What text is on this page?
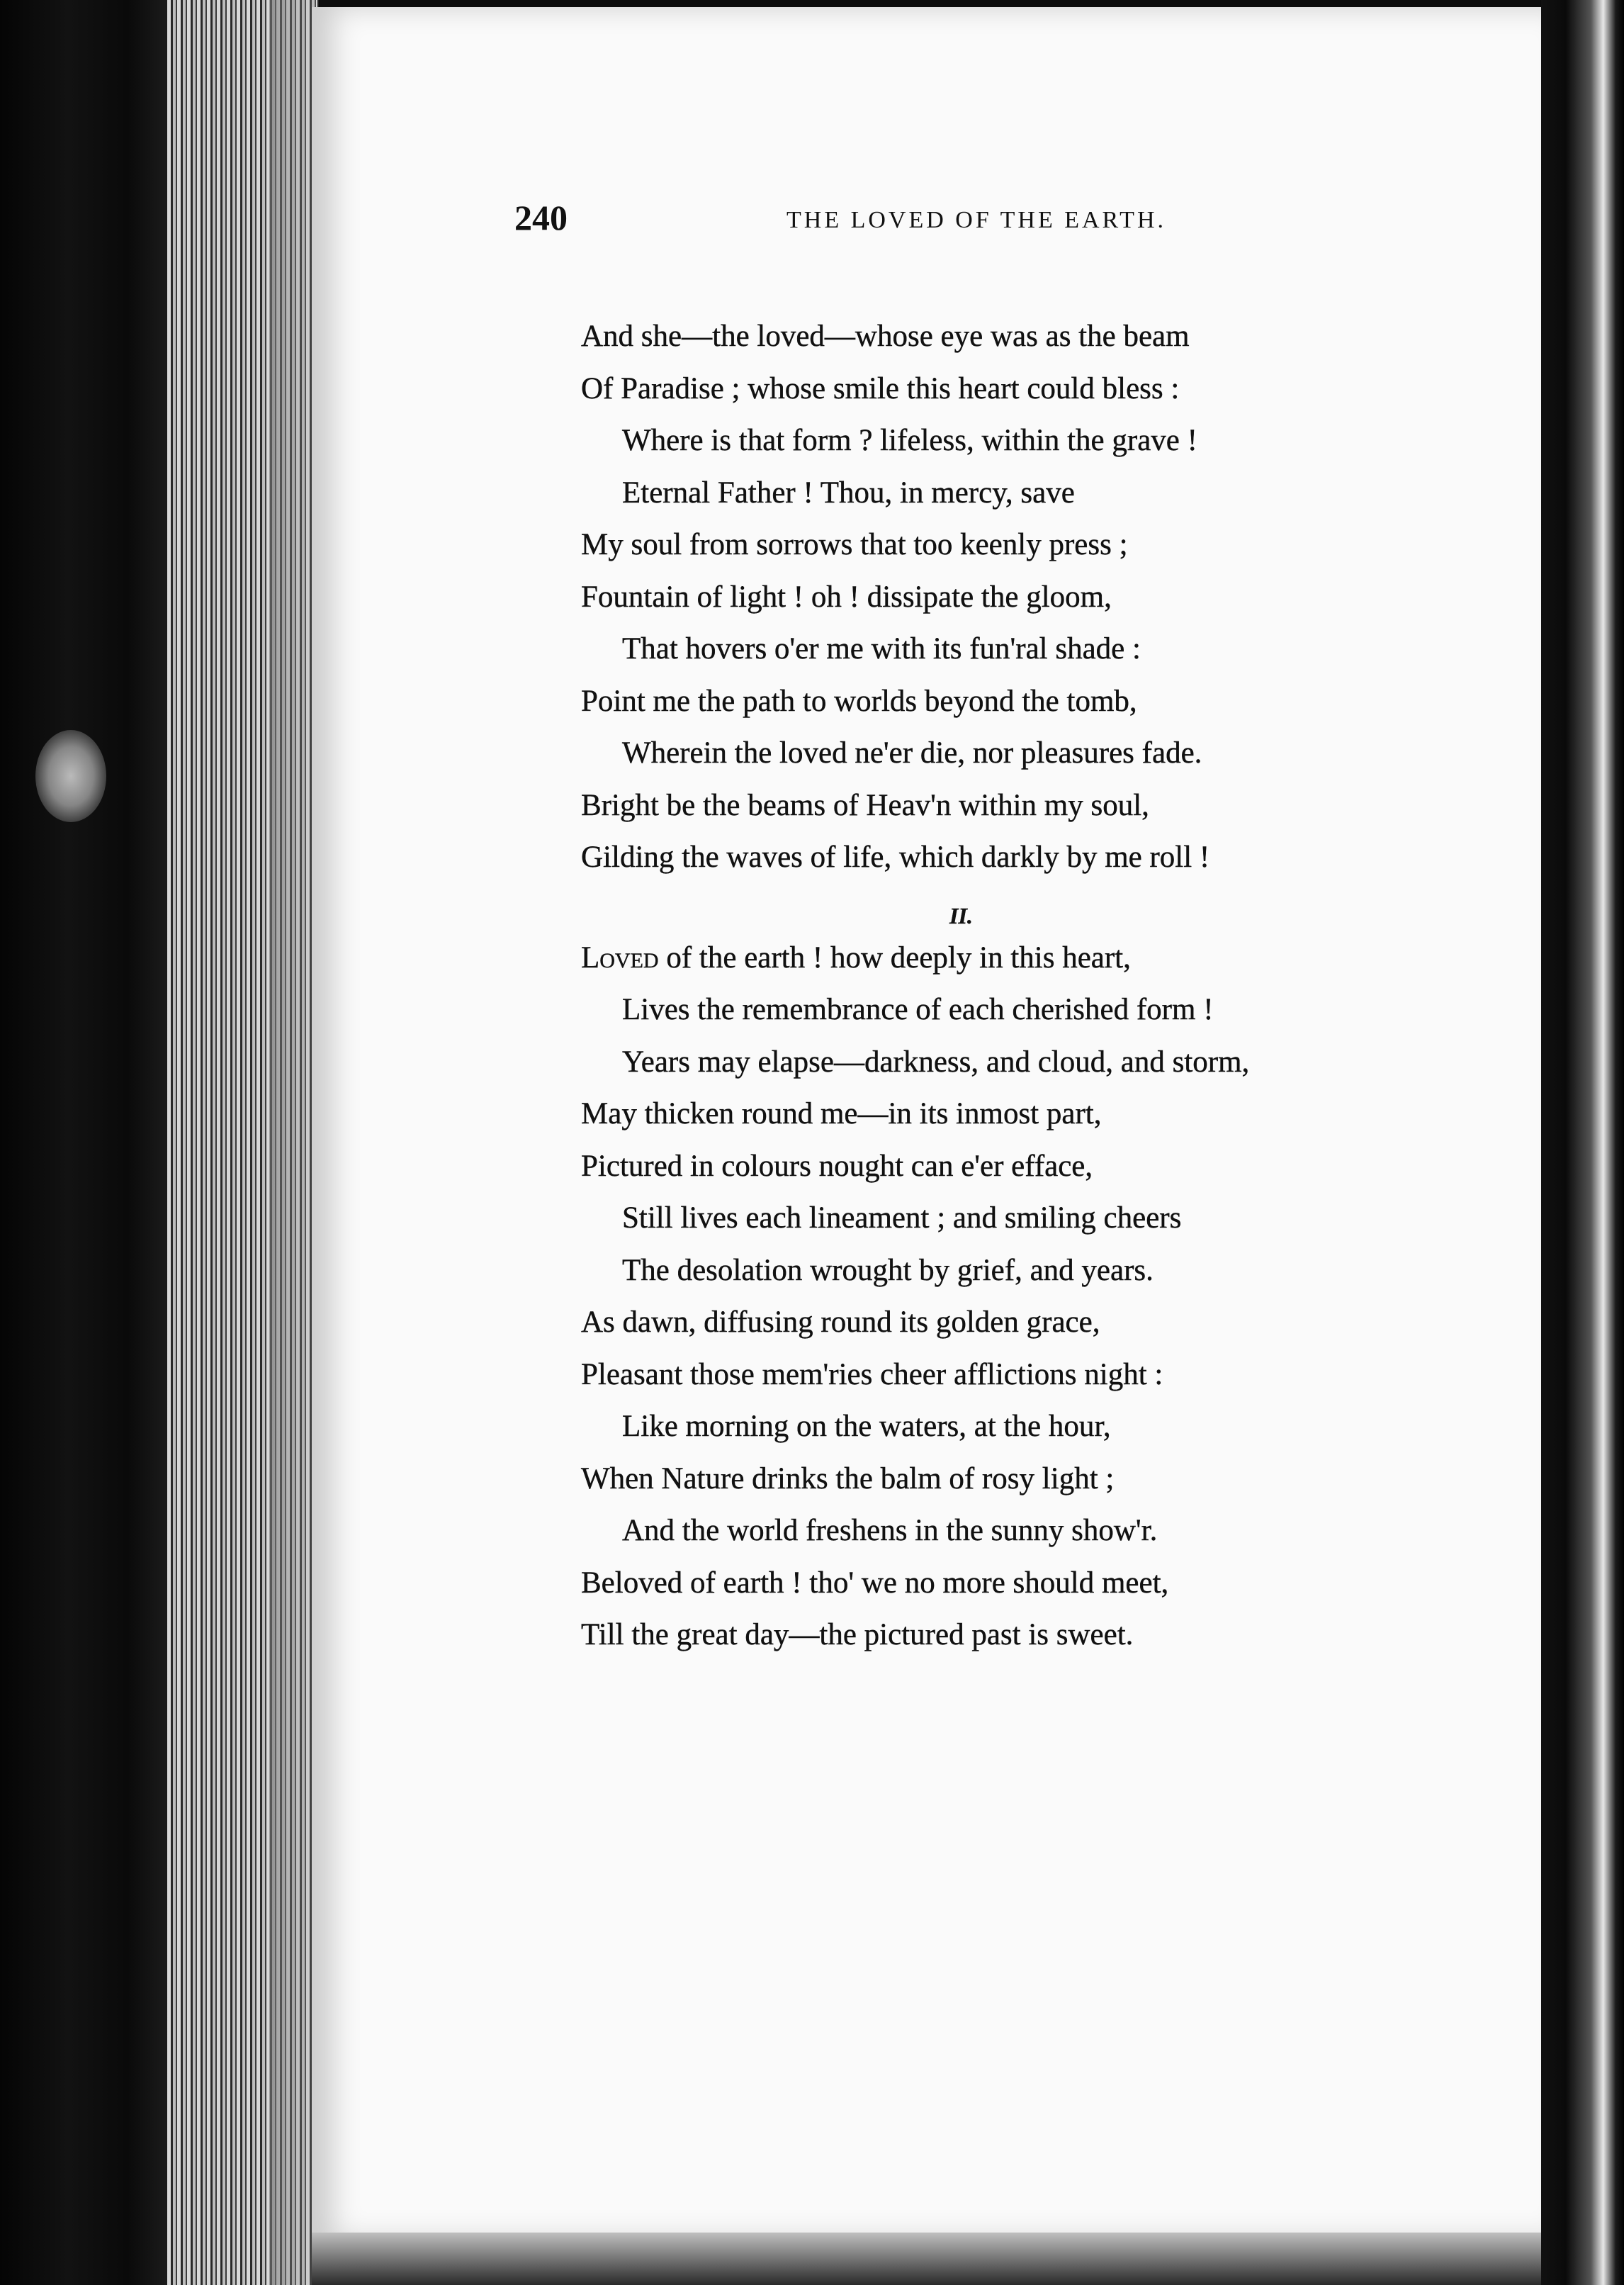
240	THE LOVED OF THE EARTH.
And she—the loved—whose eye was as the beam
Of Paradise ; whose smile this heart could bless :
Where is that form ? lifeless, within the grave !
Eternal Father ! Thou, in mercy, save
My soul from sorrows that too keenly press ;
Fountain of light ! oh ! dissipate the gloom,
That hovers o'er me with its fun'ral shade :
Point me the path to worlds beyond the tomb,
Wherein the loved ne'er die, nor pleasures fade.
Bright be the beams of Heav'n within my soul,
Gilding the waves of life, which darkly by me roll !
II.
Loved of the earth ! how deeply in this heart,
Lives the remembrance of each cherished form !
Years may elapse—darkness, and cloud, and storm,
May thicken round me—in its inmost part,
Pictured in colours nought can e'er efface,
Still lives each lineament ; and smiling cheers
The desolation wrought by grief, and years.
As dawn, diffusing round its golden grace,
Pleasant those mem'ries cheer afflictions night :
Like morning on the waters, at the hour,
When Nature drinks the balm of rosy light ;
And the world freshens in the sunny show'r.
Beloved of earth ! tho' we no more should meet,
Till the great day—the pictured past is sweet.
